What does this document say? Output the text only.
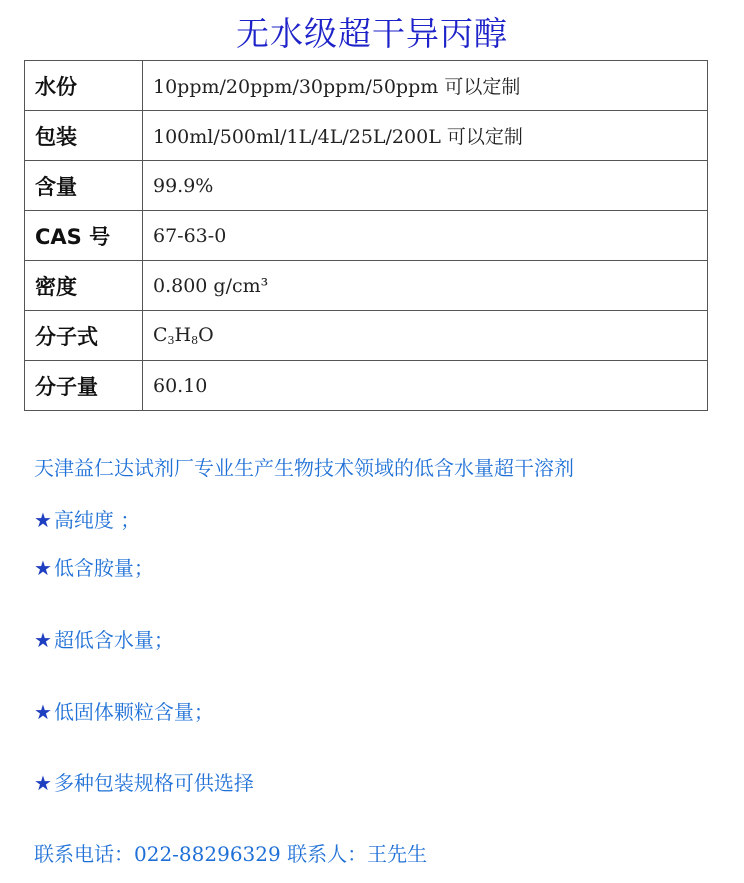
无水级超干异丙醇
水份	10ppm/20ppm/30ppm/50ppm 可以定制
包装	100ml/500ml/1L/4L/25L/200L 可以定制
含量	99.9%
CAS 号	67-63-0
密度	0.800 g/cm³
分子式	$C_3H_8O$
分子量	60.10
天津益仁达试剂厂专业生产生物技术领域的低含水量超干溶剂
★ 高纯度 ；
★ 低含胺量；
★ 超低含水量；
★ 低固体颗粒含量；
★ 多种包装规格可供选择
联系电话：022-88296329 联系人：王先生
